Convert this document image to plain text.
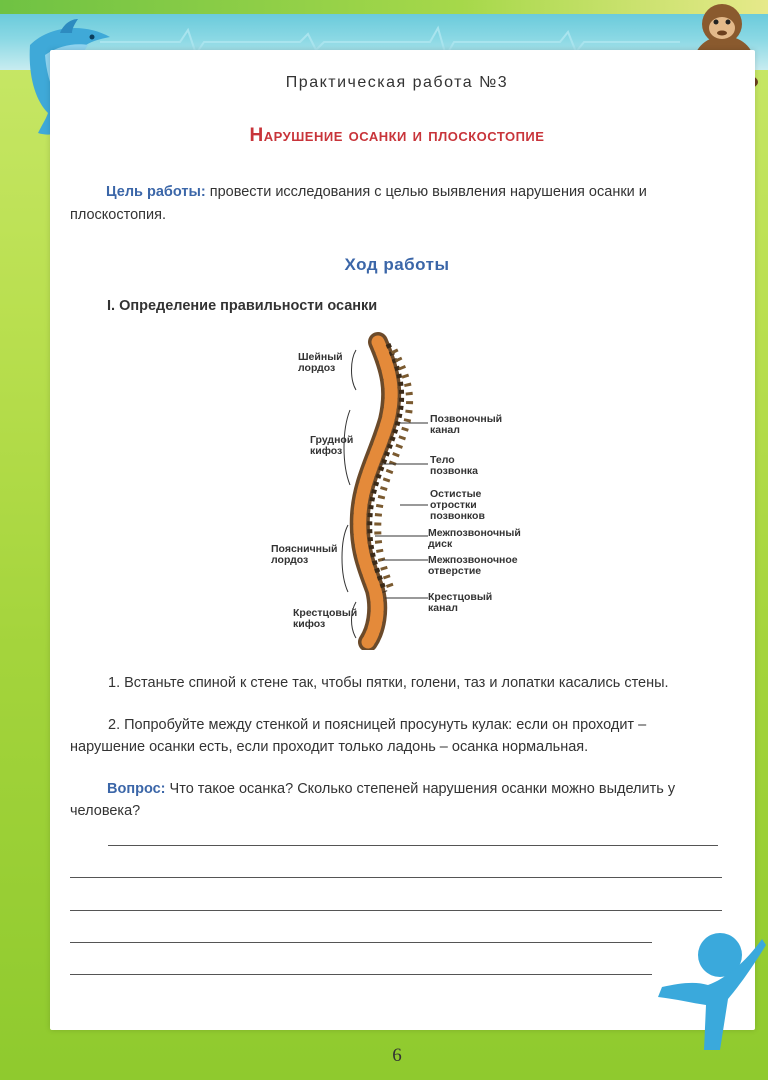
Практическая работа №3
Нарушение осанки и плоскостопие
Цель работы: провести исследования с целью выявления нарушения осанки и плоскостопия.
Ход работы
I. Определение правильности осанки
Шейный
лордоз
Грудной
кифоз
Поясничный
лордоз
Крестцовый
кифоз
Позвоночный
канал
Тело
позвонка
Остистые
отростки
позвонков
Межпозвоночный
диск
Межпозвоночное
отверстие
Крестцовый
канал
1. Встаньте спиной к стене так, чтобы пятки, голени, таз и лопатки касались стены.
2. Попробуйте между стенкой и поясницей просунуть кулак: если он проходит – нарушение осанки есть, если проходит только ладонь – осанка нормальная.
Вопрос: Что такое осанка? Сколько степеней нарушения осанки можно выделить у человека?
6
